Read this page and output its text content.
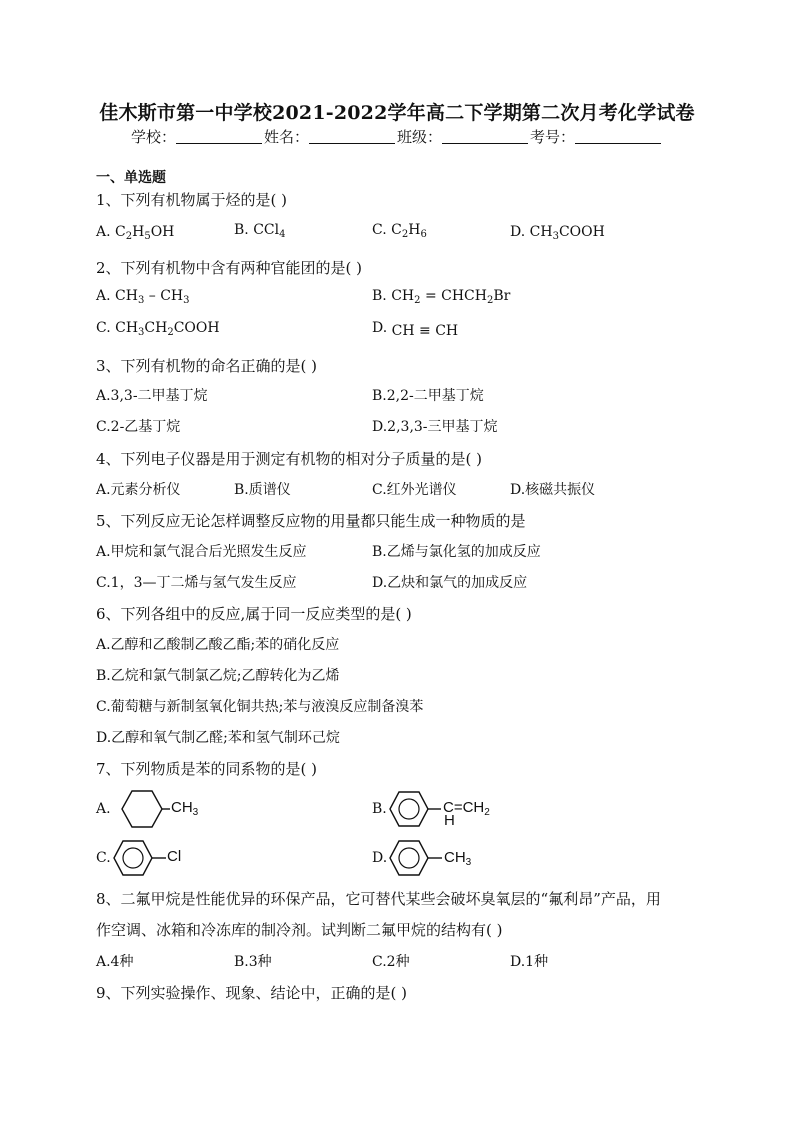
佳木斯市第一中学校2021-2022学年高二下学期第二次月考化学试卷
学校：	姓名：	班级：	考号：
一、单选题
1、下列有机物属于烃的是( )
A. $C_2H_5OH$	B. CCl$_4$	C. $C_2H_6$	D. $CH_3COOH$
2、下列有机物中含有两种官能团的是( )
A. $CH_3 - CH_3$	B. $CH_2$ = $CHCH_2Br$
C. $CH_3CH_2COOH$	D. CH ≡ CH
3、下列有机物的命名正确的是( )
A.3,3-二甲基丁烷	B.2,2-二甲基丁烷
C.2-乙基丁烷	D.2,3,3-三甲基丁烷
4、下列电子仪器是用于测定有机物的相对分子质量的是( )
A.元素分析仪	B.质谱仪	C.红外光谱仪	D.核磁共振仪
5、下列反应无论怎样调整反应物的用量都只能生成一种物质的是
A.甲烷和氯气混合后光照发生反应	B.乙烯与氯化氢的加成反应
C.1，3—丁二烯与氢气发生反应	D.乙炔和氯气的加成反应
6、下列各组中的反应,属于同一反应类型的是( )
A.乙醇和乙酸制乙酸乙酯;苯的硝化反应
B.乙烷和氯气制氯乙烷;乙醇转化为乙烯
C.葡萄糖与新制氢氧化铜共热;苯与液溴反应制备溴苯
D.乙醇和氧气制乙醛;苯和氢气制环己烷
7、下列物质是苯的同系物的是( )
A.	$CH_3$	B.	$C=CH_2$
H
C.	Cl	D.	$CH_3$
8、二氟甲烷是性能优异的环保产品，它可替代某些会破坏臭氧层的“氟利昂”产品，用
作空调、冰箱和冷冻库的制冷剂。试判断二氟甲烷的结构有( )
A.4种	B.3种	C.2种	D.1种
9、下列实验操作、现象、结论中，正确的是( )
